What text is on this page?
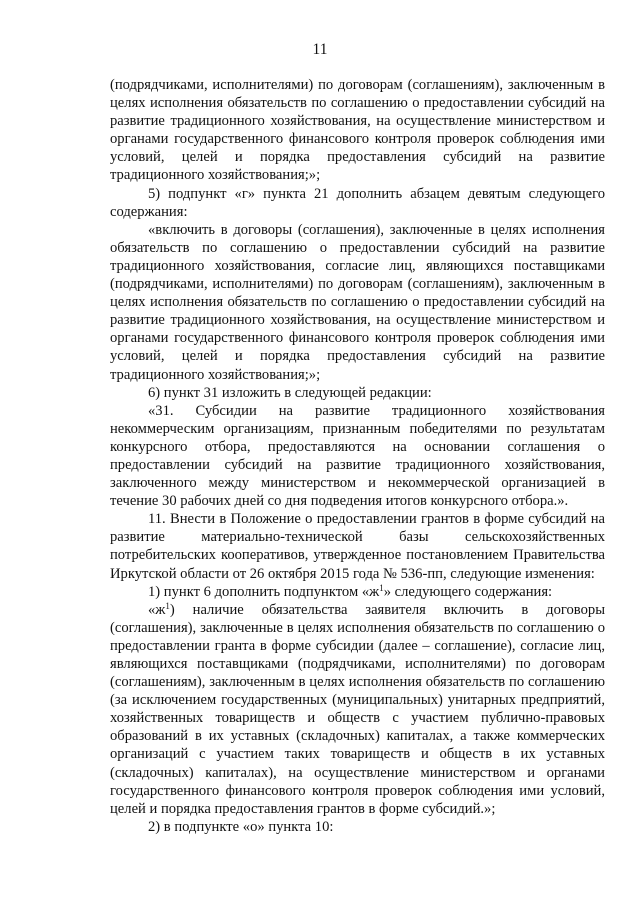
11

(подрядчиками, исполнителями) по договорам (соглашениям), заключенным в целях исполнения обязательств по соглашению о предоставлении субсидий на развитие традиционного хозяйствования, на осуществление министерством и органами государственного финансового контроля проверок соблюдения ими условий, целей и порядка предоставления субсидий на развитие традиционного хозяйствования;»;

5) подпункт «г» пункта 21 дополнить абзацем девятым следующего содержания:

«включить в договоры (соглашения), заключенные в целях исполнения обязательств по соглашению о предоставлении субсидий на развитие традиционного хозяйствования, согласие лиц, являющихся поставщиками (подрядчиками, исполнителями) по договорам (соглашениям), заключенным в целях исполнения обязательств по соглашению о предоставлении субсидий на развитие традиционного хозяйствования, на осуществление министерством и органами государственного финансового контроля проверок соблюдения ими условий, целей и порядка предоставления субсидий на развитие традиционного хозяйствования;»;

6) пункт 31 изложить в следующей редакции:

«31. Субсидии на развитие традиционного хозяйствования некоммерческим организациям, признанным победителями по результатам конкурсного отбора, предоставляются на основании соглашения о предоставлении субсидий на развитие традиционного хозяйствования, заключенного между министерством и некоммерческой организацией в течение 30 рабочих дней со дня подведения итогов конкурсного отбора.».

11. Внести в Положение о предоставлении грантов в форме субсидий на развитие материально-технической базы сельскохозяйственных потребительских кооперативов, утвержденное постановлением Правительства Иркутской области от 26 октября 2015 года № 536-пп, следующие изменения:

1) пункт 6 дополнить подпунктом «$ж^1$» следующего содержания:

«$ж^1$) наличие обязательства заявителя включить в договоры (соглашения), заключенные в целях исполнения обязательств по соглашению о предоставлении гранта в форме субсидии (далее – соглашение), согласие лиц, являющихся поставщиками (подрядчиками, исполнителями) по договорам (соглашениям), заключенным в целях исполнения обязательств по соглашению (за исключением государственных (муниципальных) унитарных предприятий, хозяйственных товариществ и обществ с участием публично-правовых образований в их уставных (складочных) капиталах, а также коммерческих организаций с участием таких товариществ и обществ в их уставных (складочных) капиталах), на осуществление министерством и органами государственного финансового контроля проверок соблюдения ими условий, целей и порядка предоставления грантов в форме субсидий.»;

2) в подпункте «о» пункта 10:
